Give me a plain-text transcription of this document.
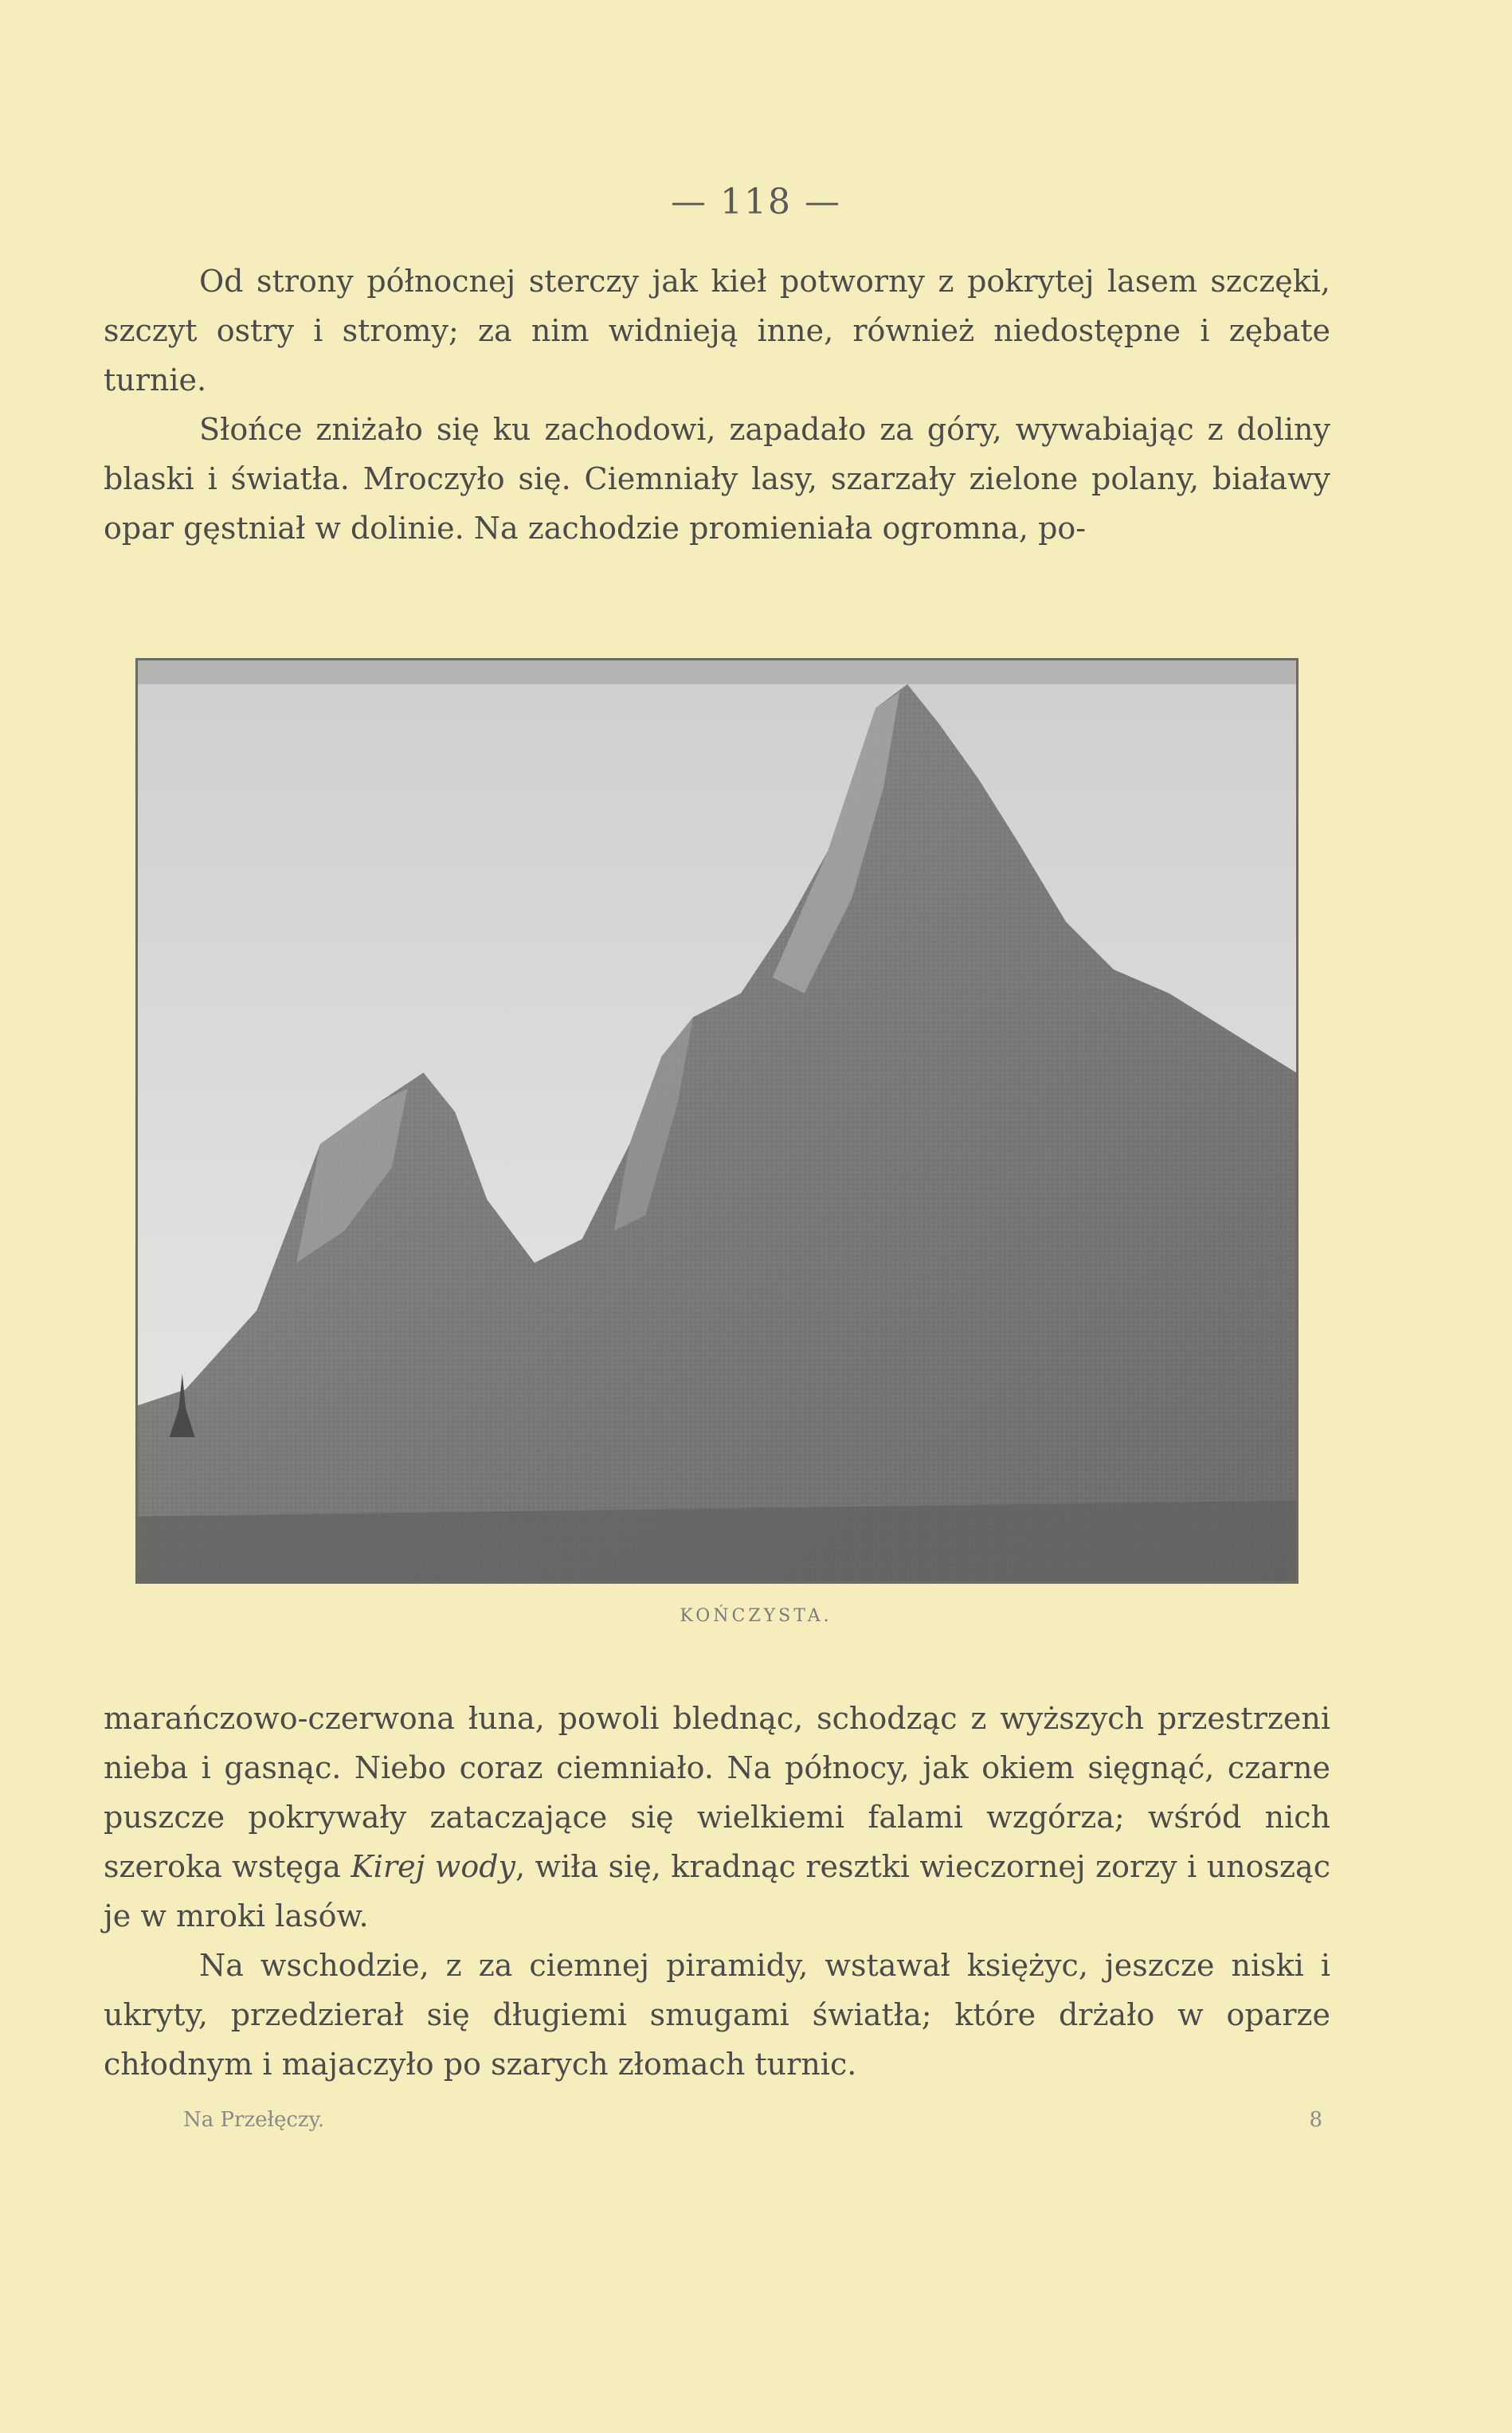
— 118 —

Od strony północnej sterczy jak kieł potworny z pokrytej lasem szczęki, szczyt ostry i stromy; za nim widnieją inne, również niedostępne i zębate turnie.

Słońce zniżało się ku zachodowi, zapadało za góry, wywabiając z doliny blaski i światła. Mroczyło się. Ciemniały lasy, szarzały zielone polany, białawy opar gęstniał w dolinie. Na zachodzie promieniała ogromna, po-

KOŃCZYSTA.

marańczowo-czerwona łuna, powoli blednąc, schodząc z wyższych przestrzeni nieba i gasnąc. Niebo coraz ciemniało. Na północy, jak okiem sięgnąć, czarne puszcze pokrywały zataczające się wielkiemi falami wzgórza; wśród nich szeroka wstęga Kirej wody, wiła się, kradnąc resztki wieczornej zorzy i unosząc je w mroki lasów.

Na wschodzie, z za ciemnej piramidy, wstawał księżyc, jeszcze niski i ukryty, przedzierał się długiemi smugami światła; które drżało w oparze chłodnym i majaczyło po szarych złomach turnic.

Na Przełęczy.	8
